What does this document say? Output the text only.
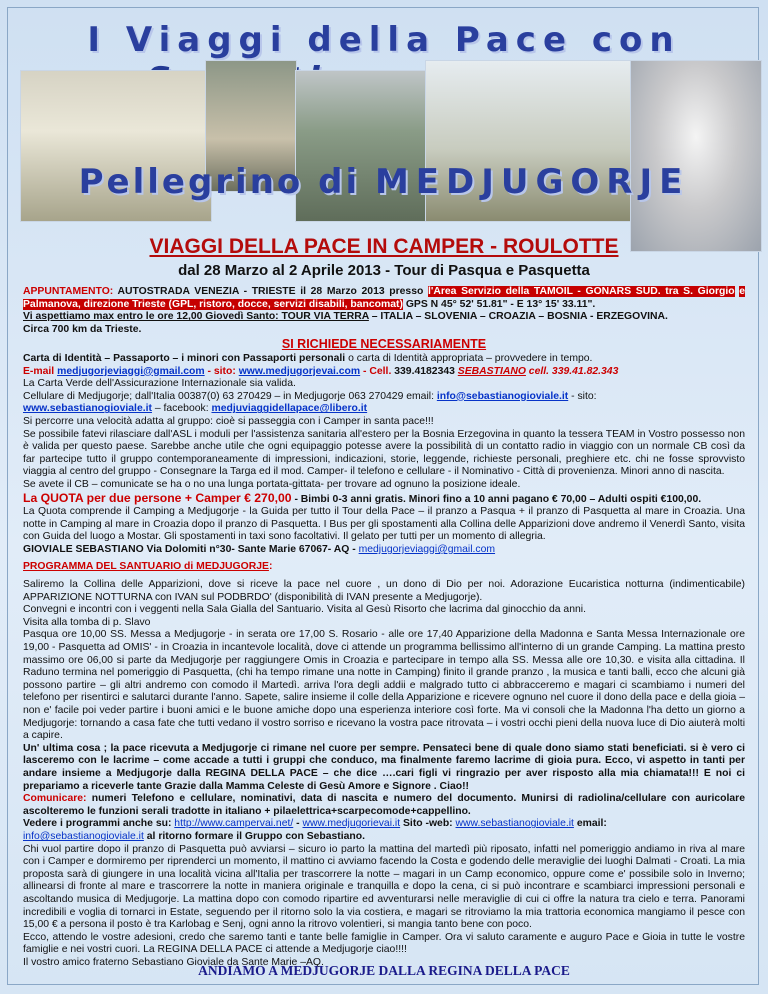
I Viaggi della Pace con
Pellegrino di MEDJUGORJE
VIAGGI DELLA PACE IN CAMPER - ROULOTTE
dal 28 Marzo al 2 Aprile 2013 - Tour di Pasqua e Pasquetta

APPUNTAMENTO: AUTOSTRADA VENEZIA - TRIESTE il 28 Marzo 2013 presso l'Area Servizio della TAMOIL - GONARS SUD. tra S. Giorgio e Palmanova, direzione Trieste (GPL, ristoro, docce, servizi disabili, bancomat) GPS N 45° 52' 51.81" - E 13° 15' 33.11".
Vi aspettiamo max entro le ore 12,00 Giovedì Santo: TOUR VIA TERRA – ITALIA – SLOVENIA – CROAZIA – BOSNIA - ERZEGOVINA.
Circa 700 km da Trieste.

SI RICHIEDE NECESSARIAMENTE

Carta di Identità – Passaporto – i minori con Passaporti personali o carta di Identità appropriata – provvedere in tempo.
E-mail medjugorjeviaggi@gmail.com - sito: www.medjugorjevai.com - Cell. 339.4182343 SEBASTIANO cell. 339.41.82.343
La Carta Verde dell'Assicurazione Internazionale sia valida.
Cellulare di Medjugorje; dall'Italia 00387(0) 63 270429 – in Medjugorje 063 270429 email: info@sebastianogioviale.it - sito:
www.sebastianogioviale.it – facebook: medjuviaggidellapace@libero.it
Si percorre una velocità adatta al gruppo: cioè si passeggia con i Camper in santa pace!!!
Se possibile fatevi rilasciare dall'ASL i moduli per l'assistenza sanitaria all'estero per la Bosnia Erzegovina in quanto la tessera TEAM in Vostro possesso non è valida per questo paese. Sarebbe anche utile che ogni equipaggio potesse avere la possibilità di un contatto radio in viaggio con un normale CB così da far partecipe tutto il gruppo contemporaneamente di impressioni, indicazioni, storie, leggende, richieste personali, preghiere etc. chi ne fosse sprovvisto viaggia al centro del gruppo - Consegnare la Targa ed il mod. Camper- il telefono e cellulare - il Nominativo - Città di provenienza. Minori anno di nascita.
Se avete il CB – comunicate se ha o no una lunga portata-gittata- per trovare ad ognuno la posizione ideale.

La QUOTA per due persone + Camper € 270,00 - Bimbi 0-3 anni gratis. Minori fino a 10 anni pagano € 70,00 – Adulti ospiti €100,00.
La Quota comprende il Camping a Medjugorje - la Guida per tutto il Tour della Pace – il pranzo a Pasqua + il pranzo di Pasquetta al mare in Croazia. Una notte in Camping al mare in Croazia dopo il pranzo di Pasquetta. I Bus per gli spostamenti alla Collina delle Apparizioni dove andremo il Venerdì Santo, visita con Guida del luogo a Mostar. Gli spostamenti in taxi sono facoltativi. Il gelato per tutti per un momento di allegria.
GIOVIALE SEBASTIANO Via Dolomiti n°30- Sante Marie 67067- AQ - medjugorjeviaggi@gmail.com

PROGRAMMA DEL SANTUARIO di MEDJUGORJE:

Saliremo la Collina delle Apparizioni, dove si riceve la pace nel cuore , un dono di Dio per noi. Adorazione Eucaristica notturna (indimenticabile) APPARIZIONE NOTTURNA con IVAN sul PODBRDO' (disponibilità di IVAN presente a Medjugorje).
Convegni e incontri con i veggenti nella Sala Gialla del Santuario. Visita al Gesù Risorto che lacrima dal ginocchio da anni.
Visita alla tomba di p. Slavo
Pasqua ore 10,00 SS. Messa a Medjugorje - in serata ore 17,00 S. Rosario - alle ore 17,40 Apparizione della Madonna e Santa Messa Internazionale ore 19,00 - Pasquetta ad OMIS' - in Croazia in incantevole località, dove ci attende un programma bellissimo all'interno di un grande Camping. La mattina presto massimo ore 06,00 si parte da Medjugorje per raggiungere Omis in Croazia e partecipare in tempo alla SS. Messa alle ore 10,30. e visita alla cittadina. Il Raduno termina nel pomeriggio di Pasquetta, (chi ha tempo rimane una notte in Camping) finito il grande pranzo , la musica e tanti balli, ecco che alcuni già possono partire – gli altri andremo con comodo il Martedì. arriva l'ora degli addii e malgrado tutto ci abbracceremo e magari ci scambiamo i numeri del telefono per risentirci e salutarci durante l'anno. Sapete, salire insieme il colle della Apparizione e ricevere ognuno nel cuore il dono della pace e della gioia – non e' facile poi veder partire i buoni amici e le buone amiche dopo una esperienza interiore così forte. Ma vi consoli che la Madonna l'ha detto un giorno a Medjugorje: tornando a casa fate che tutti vedano il vostro sorriso e ricevano la vostra pace ritrovata – i vostri occhi pieni della nuova luce di Dio aiuterà molti a capire.
Un' ultima cosa ; la pace ricevuta a Medjugorje ci rimane nel cuore per sempre. Pensateci bene di quale dono siamo stati beneficiati. si è vero ci lasceremo con le lacrime – come accade a tutti i gruppi che conduco, ma finalmente faremo lacrime di gioia pura. Ecco, vi aspetto in tanti per andare insieme a Medjugorje dalla REGINA DELLA PACE – che dice ….cari figli vi ringrazio per aver risposto alla mia chiamata!!! E noi ci prepariamo a riceverle tante Grazie dalla Mamma Celeste di Gesù Amore e Signore . Ciao!!
Comunicare: numeri Telefono e cellulare, nominativi, data di nascita e numero del documento. Munirsi di radiolina/cellulare con auricolare ascolteremo le funzioni serali tradotte in italiano + pilaelettrica+scarpecomode+cappellino.
Vedere i programmi anche su: http://www.campervai.net/ - www.medjugorievai.it Sito -web: www.sebastianogioviale.it email:
info@sebastianogioviale.it al ritorno formare il Gruppo con Sebastiano.
Chi vuol partire dopo il pranzo di Pasquetta può avviarsi – sicuro io parto la mattina del martedì più riposato, infatti nel pomeriggio andiamo in riva al mare con i Camper e dormiremo per riprenderci un momento, il mattino ci avviamo facendo la Costa e godendo delle meraviglie dei luoghi Dalmati - Croati. La mia proposta sarà di giungere in una località vicina all'Italia per trascorrere la notte – magari in un Camp economico, oppure come e' possibile solo in Inverno; allinearsi di fronte al mare e trascorrere la notte in maniera originale e tranquilla e dopo la cena, ci si può incontrare e scambiarci impressioni personali e ascoltando musica di Medjugorje. La mattina dopo con comodo ripartire ed avventurarsi nelle meraviglie di cui ci offre la natura tra cielo e terra. Panorami incredibili e voglia di tornarci in Estate, seguendo per il ritorno solo la via costiera, e magari se ritroviamo la mia trattoria economica mangiamo il pesce con 15,00 € a persona il posto è tra Karlobag e Senj, ogni anno la ritrovo volentieri, si mangia tanto bene con poco.
Ecco, attendo le vostre adesioni, credo che saremo tanti e tante belle famiglie in Camper. Ora vi saluto caramente e auguro Pace e Gioia in tutte le vostre famiglie e nei vostri cuori. La REGINA DELLA PACE ci attende a Medjugorje ciao!!!!
Il vostro amico fraterno Sebastiano Gioviale da Sante Marie –AQ.

ANDIAMO A MEDJUGORJE DALLA REGINA DELLA PACE
